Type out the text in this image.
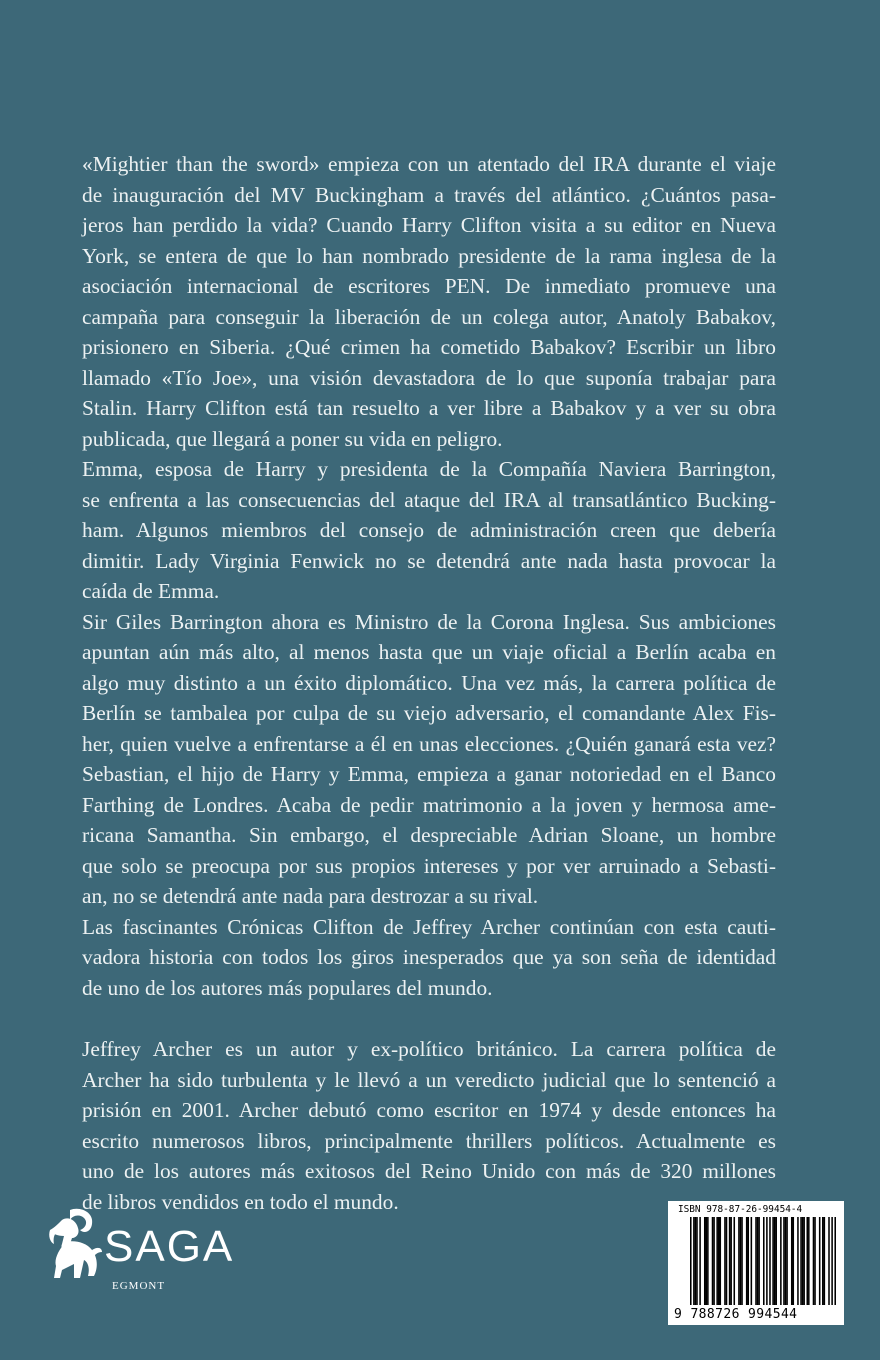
«Mightier than the sword» empieza con un atentado del IRA durante el viaje
de inauguración del MV Buckingham a través del atlántico. ¿Cuántos pasa-
jeros han perdido la vida? Cuando Harry Clifton visita a su editor en Nueva
York, se entera de que lo han nombrado presidente de la rama inglesa de la
asociación internacional de escritores PEN. De inmediato promueve una
campaña para conseguir la liberación de un colega autor, Anatoly Babakov,
prisionero en Siberia. ¿Qué crimen ha cometido Babakov? Escribir un libro
llamado «Tío Joe», una visión devastadora de lo que suponía trabajar para
Stalin. Harry Clifton está tan resuelto a ver libre a Babakov y a ver su obra
publicada, que llegará a poner su vida en peligro.
Emma, esposa de Harry y presidenta de la Compañía Naviera Barrington,
se enfrenta a las consecuencias del ataque del IRA al transatlántico Bucking-
ham. Algunos miembros del consejo de administración creen que debería
dimitir. Lady Virginia Fenwick no se detendrá ante nada hasta provocar la
caída de Emma.
Sir Giles Barrington ahora es Ministro de la Corona Inglesa. Sus ambiciones
apuntan aún más alto, al menos hasta que un viaje oficial a Berlín acaba en
algo muy distinto a un éxito diplomático. Una vez más, la carrera política de
Berlín se tambalea por culpa de su viejo adversario, el comandante Alex Fis-
her, quien vuelve a enfrentarse a él en unas elecciones. ¿Quién ganará esta vez?
Sebastian, el hijo de Harry y Emma, empieza a ganar notoriedad en el Banco
Farthing de Londres. Acaba de pedir matrimonio a la joven y hermosa ame-
ricana Samantha. Sin embargo, el despreciable Adrian Sloane, un hombre
que solo se preocupa por sus propios intereses y por ver arruinado a Sebasti-
an, no se detendrá ante nada para destrozar a su rival.
Las fascinantes Crónicas Clifton de Jeffrey Archer continúan con esta cauti-
vadora historia con todos los giros inesperados que ya son seña de identidad
de uno de los autores más populares del mundo.
Jeffrey Archer es un autor y ex-político británico. La carrera política de
Archer ha sido turbulenta y le llevó a un veredicto judicial que lo sentenció a
prisión en 2001. Archer debutó como escritor en 1974 y desde entonces ha
escrito numerosos libros, principalmente thrillers políticos. Actualmente es
uno de los autores más exitosos del Reino Unido con más de 320 millones
de libros vendidos en todo el mundo.
SAGA
EGMONT
ISBN 978-87-26-99454-4
9 788726 994544
